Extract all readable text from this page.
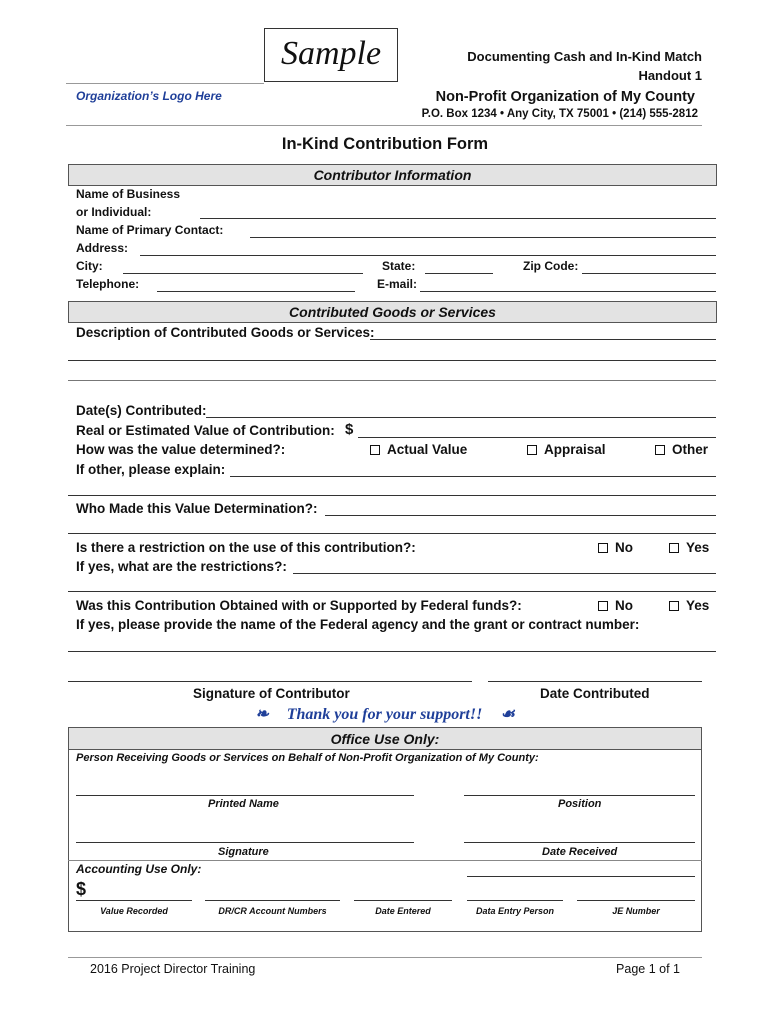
Sample	Documenting Cash and In-Kind Match
Handout 1
Organization’s Logo Here	Non-Profit Organization of My County
P.O. Box 1234 • Any City, TX 75001 • (214) 555-2812
In-Kind Contribution Form
Contributor Information
Name of Business
or Individual:
Name of Primary Contact:
Address:
City:	State:	Zip Code:
Telephone:	E-mail:
Contributed Goods or Services
Description of Contributed Goods or Services:
Date(s) Contributed:
Real or Estimated Value of Contribution: $
How was the value determined?:	Actual Value	Appraisal	Other
If other, please explain:
Who Made this Value Determination?:
Is there a restriction on the use of this contribution?:	No	Yes
If yes, what are the restrictions?:
Was this Contribution Obtained with or Supported by Federal funds?:	No	Yes
If yes, please provide the name of the Federal agency and the grant or contract number:
Signature of Contributor	Date Contributed
❧ Thank you for your support!! ☙
Office Use Only:
Person Receiving Goods or Services on Behalf of Non-Profit Organization of My County:
Printed Name	Position
Signature	Date Received
Accounting Use Only:
$
Value Recorded	DR/CR Account Numbers	Date Entered	Data Entry Person	JE Number
2016 Project Director Training	Page 1 of 1
